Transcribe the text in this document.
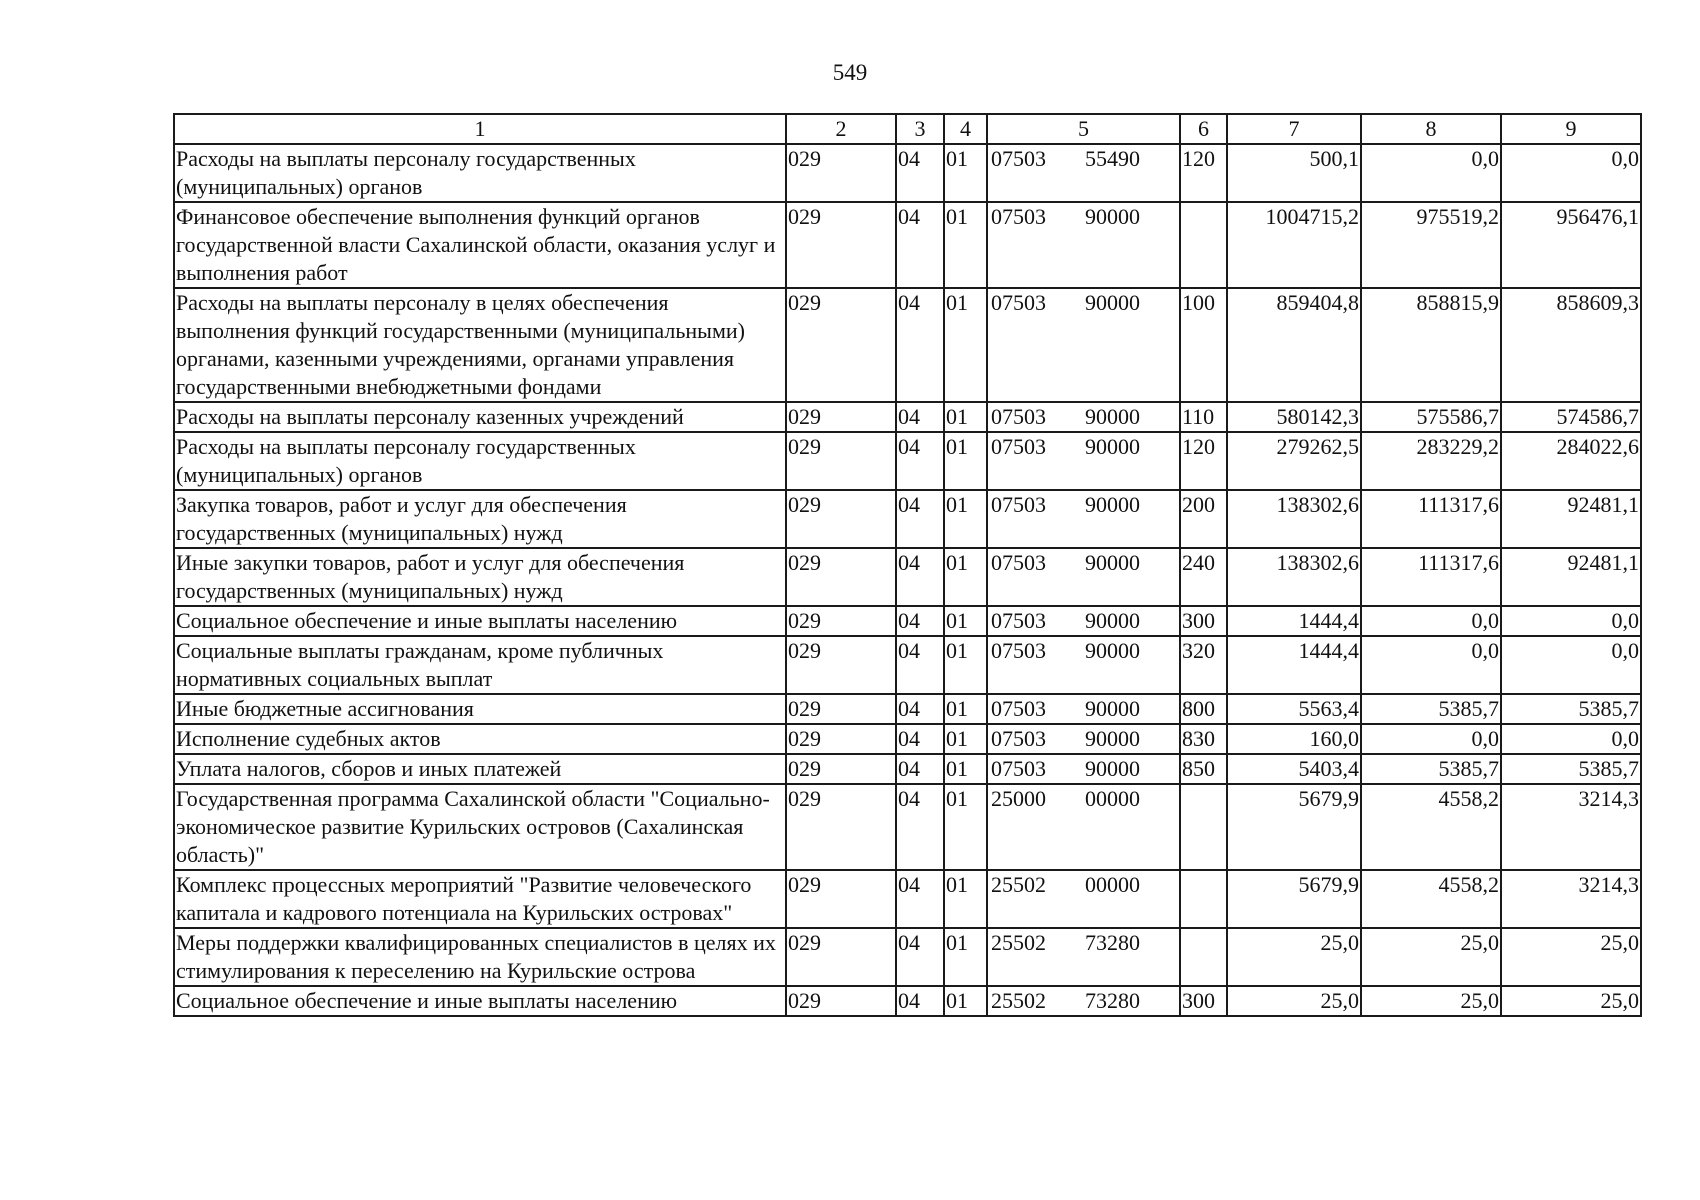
549
1	2	3	4	5	6	7	8	9
Расходы на выплаты персоналу государственных (муниципальных) органов	029	04	01	07503 55490	120	500,1	0,0	0,0
Финансовое обеспечение выполнения функций органов государственной власти Сахалинской области, оказания услуг и выполнения работ	029	04	01	07503 90000		1004715,2	975519,2	956476,1
Расходы на выплаты персоналу в целях обеспечения выполнения функций государственными (муниципальными) органами, казенными учреждениями, органами управления государственными внебюджетными фондами	029	04	01	07503 90000	100	859404,8	858815,9	858609,3
Расходы на выплаты персоналу казенных учреждений	029	04	01	07503 90000	110	580142,3	575586,7	574586,7
Расходы на выплаты персоналу государственных (муниципальных) органов	029	04	01	07503 90000	120	279262,5	283229,2	284022,6
Закупка товаров, работ и услуг для обеспечения государственных (муниципальных) нужд	029	04	01	07503 90000	200	138302,6	111317,6	92481,1
Иные закупки товаров, работ и услуг для обеспечения государственных (муниципальных) нужд	029	04	01	07503 90000	240	138302,6	111317,6	92481,1
Социальное обеспечение и иные выплаты населению	029	04	01	07503 90000	300	1444,4	0,0	0,0
Социальные выплаты гражданам, кроме публичных нормативных социальных выплат	029	04	01	07503 90000	320	1444,4	0,0	0,0
Иные бюджетные ассигнования	029	04	01	07503 90000	800	5563,4	5385,7	5385,7
Исполнение судебных актов	029	04	01	07503 90000	830	160,0	0,0	0,0
Уплата налогов, сборов и иных платежей	029	04	01	07503 90000	850	5403,4	5385,7	5385,7
Государственная программа Сахалинской области "Социально-экономическое развитие Курильских островов (Сахалинская область)"	029	04	01	25000 00000		5679,9	4558,2	3214,3
Комплекс процессных мероприятий "Развитие человеческого капитала и кадрового потенциала на Курильских островах"	029	04	01	25502 00000		5679,9	4558,2	3214,3
Меры поддержки квалифицированных специалистов в целях их стимулирования к переселению на Курильские острова	029	04	01	25502 73280		25,0	25,0	25,0
Социальное обеспечение и иные выплаты населению	029	04	01	25502 73280	300	25,0	25,0	25,0
